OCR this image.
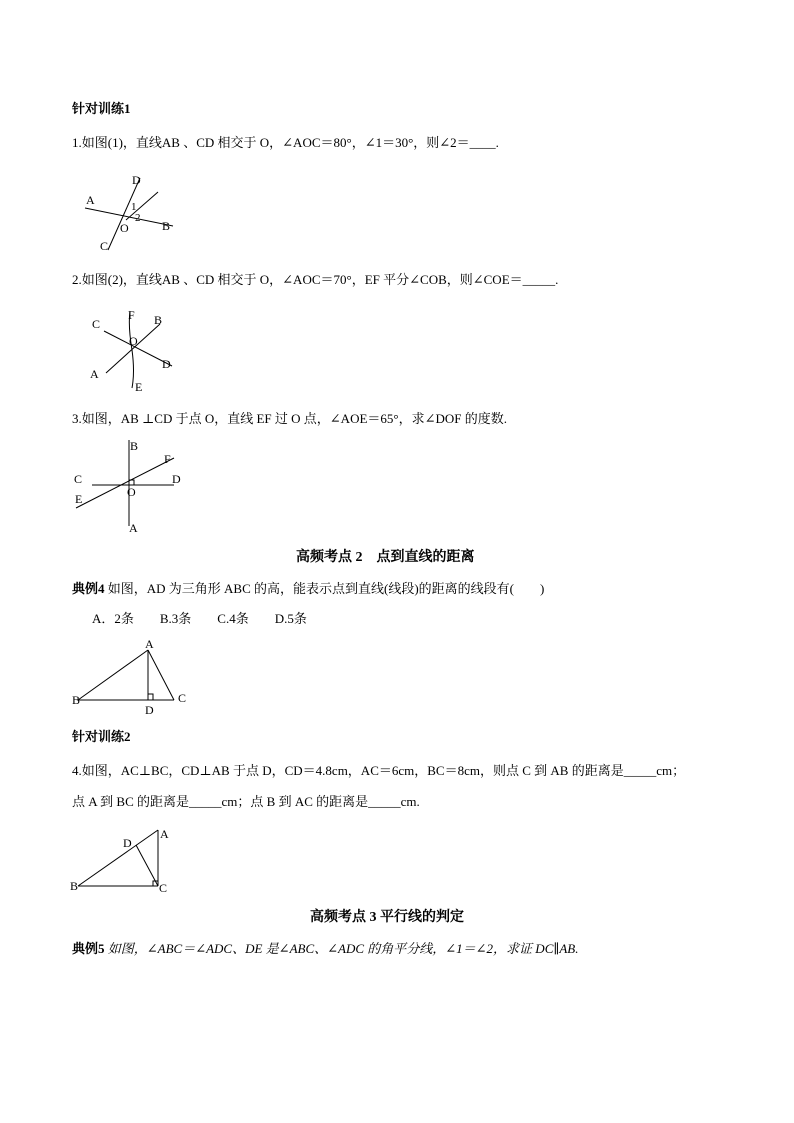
针对训练1
1.如图(1)，直线AB 、CD 相交于 O，∠AOC＝80°，∠1＝30°，则∠2＝____.
A
B
C
D
O
1
2
2.如图(2)，直线AB 、CD 相交于 O，∠AOC＝70°，EF 平分∠COB，则∠COE＝_____.
A
B
C
D
E
F
O
3.如图，AB ⊥CD 于点 O，直线 EF 过 O 点，∠AOE＝65°，求∠DOF 的度数.
A
B
C	D
E
F
O
高频考点 2　点到直线的距离
典例4 如图，AD 为三角形 ABC 的高，能表示点到直线(线段)的距离的线段有(　　)
A．2条　　B.3条　　C.4条　　D.5条
A
B	C
D
针对训练2
4.如图，AC⊥BC，CD⊥AB 于点 D，CD＝4.8cm，AC＝6cm，BC＝8cm，则点 C 到 AB 的距离是_____cm；
点 A 到 BC 的距离是_____cm；点 B 到 AC 的距离是_____cm.
A
B	C
D
高频考点 3 平行线的判定
典例5 如图，∠ABC＝∠ADC、DE 是∠ABC、∠ADC 的角平分线，∠1＝∠2，求证 DC∥AB.
